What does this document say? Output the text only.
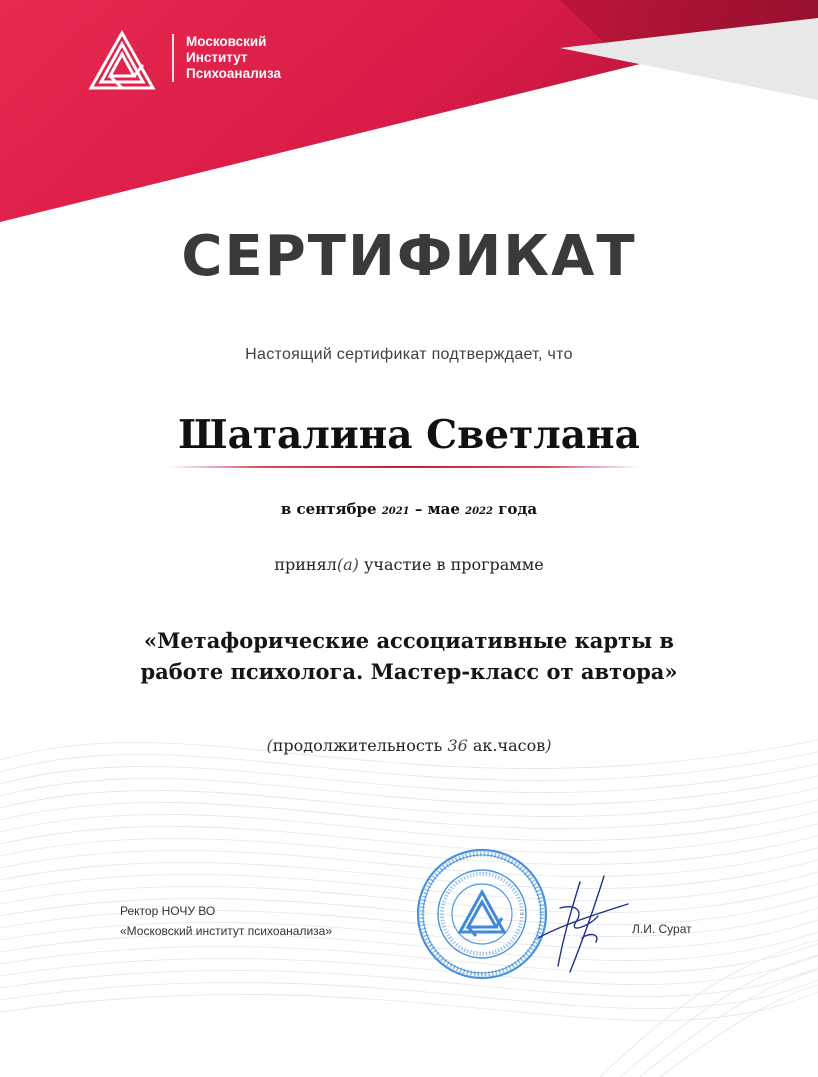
Московский
Институт
Психоанализа
СЕРТИФИКАТ
Настоящий сертификат подтверждает, что
Шаталина Светлана
в сентябре 2021 – мае 2022 года
принял(а) участие в программе
«Метафорические ассоциативные карты в работе психолога. Мастер-класс от автора»
(продолжительность 36 ак.часов)
Ректор НОЧУ ВО
«Московский институт психоанализа»	Л.И. Сурат
